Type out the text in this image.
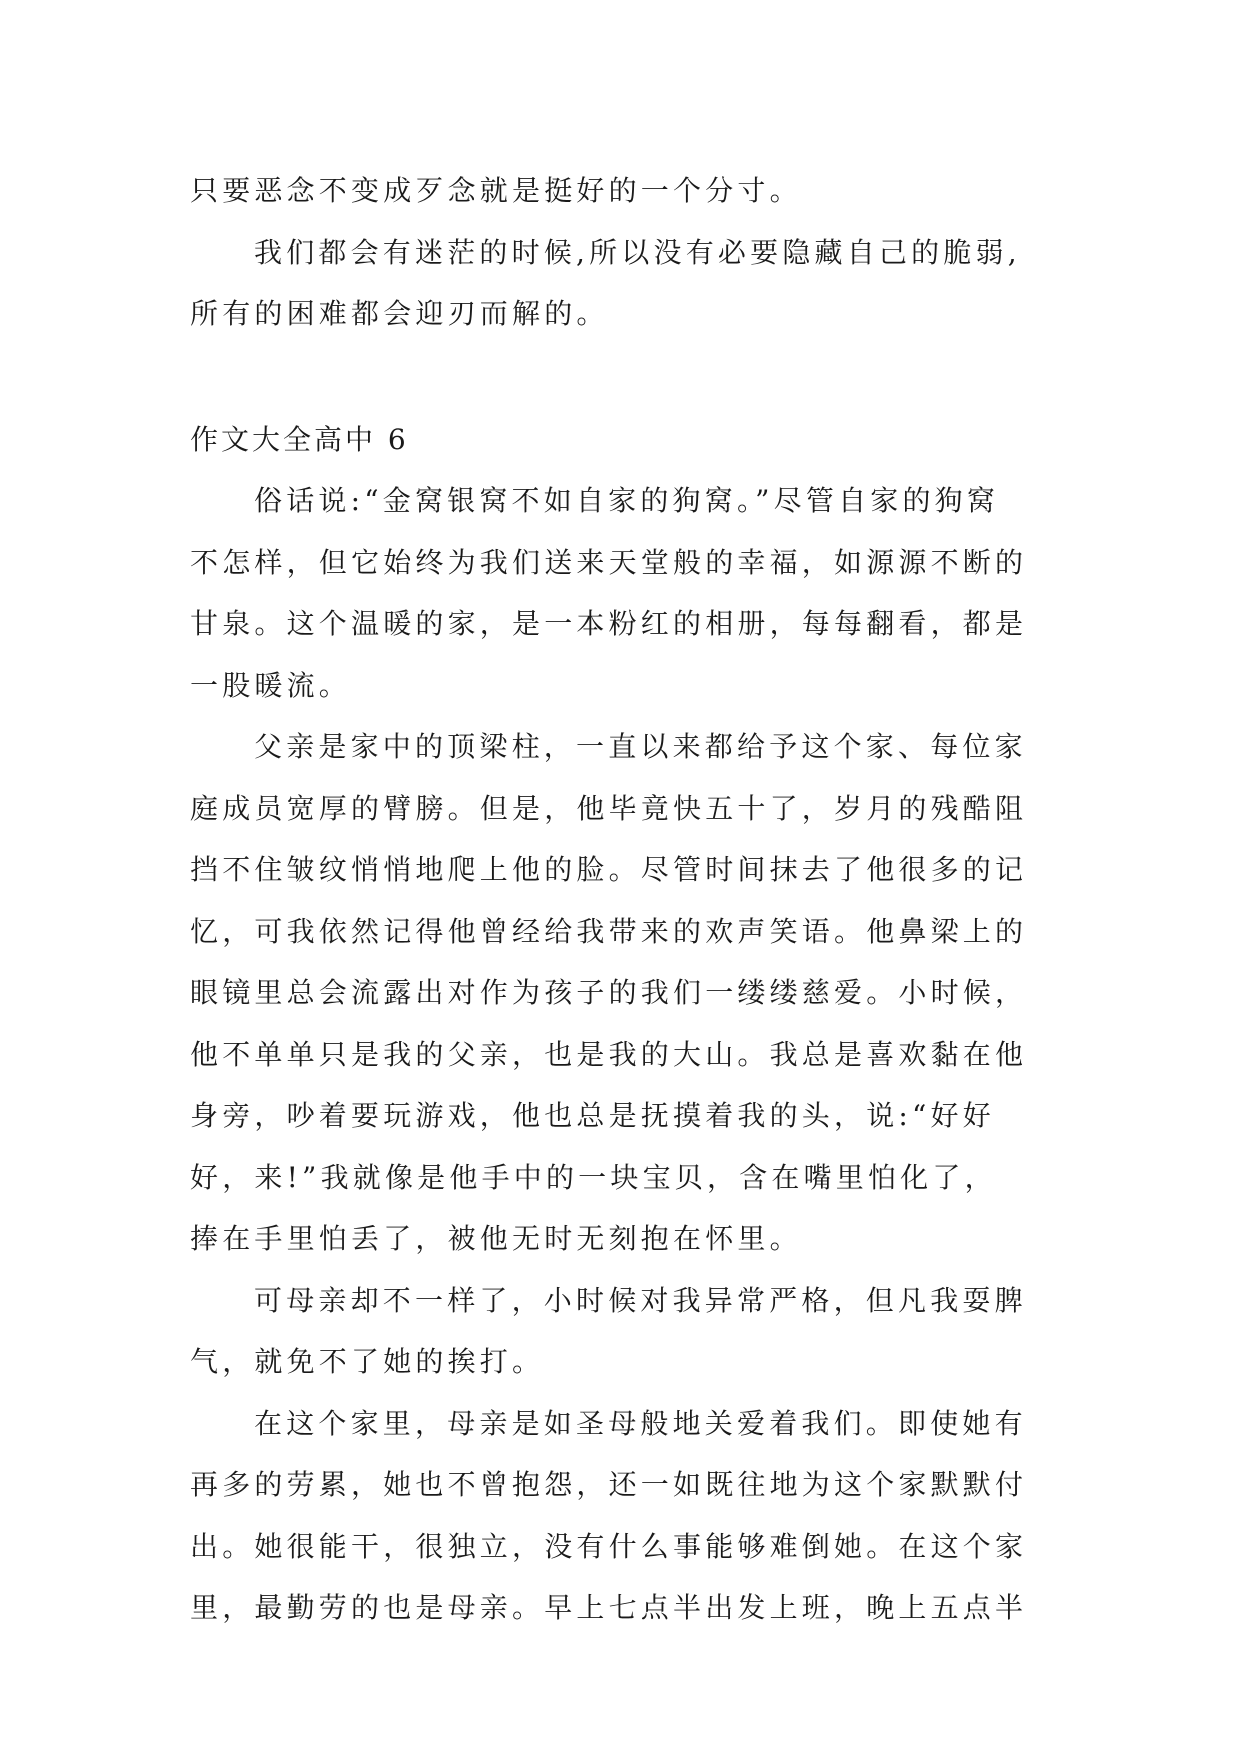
只要恶念不变成歹念就是挺好的一个分寸。
我们都会有迷茫的时候,所以没有必要隐藏自己的脆弱,
所有的困难都会迎刃而解的。
作文大全高中 6
俗话说:“金窝银窝不如自家的狗窝。”尽管自家的狗窝
不怎样，但它始终为我们送来天堂般的幸福，如源源不断的
甘泉。这个温暖的家，是一本粉红的相册，每每翻看，都是
一股暖流。
父亲是家中的顶梁柱，一直以来都给予这个家、每位家
庭成员宽厚的臂膀。但是，他毕竟快五十了，岁月的残酷阻
挡不住皱纹悄悄地爬上他的脸。尽管时间抹去了他很多的记
忆，可我依然记得他曾经给我带来的欢声笑语。他鼻梁上的
眼镜里总会流露出对作为孩子的我们一缕缕慈爱。小时候，
他不单单只是我的父亲，也是我的大山。我总是喜欢黏在他
身旁，吵着要玩游戏，他也总是抚摸着我的头，说:“好好
好，来!”我就像是他手中的一块宝贝，含在嘴里怕化了，
捧在手里怕丢了，被他无时无刻抱在怀里。
可母亲却不一样了，小时候对我异常严格，但凡我耍脾
气，就免不了她的挨打。
在这个家里，母亲是如圣母般地关爱着我们。即使她有
再多的劳累，她也不曾抱怨，还一如既往地为这个家默默付
出。她很能干，很独立，没有什么事能够难倒她。在这个家
里，最勤劳的也是母亲。早上七点半出发上班，晚上五点半
